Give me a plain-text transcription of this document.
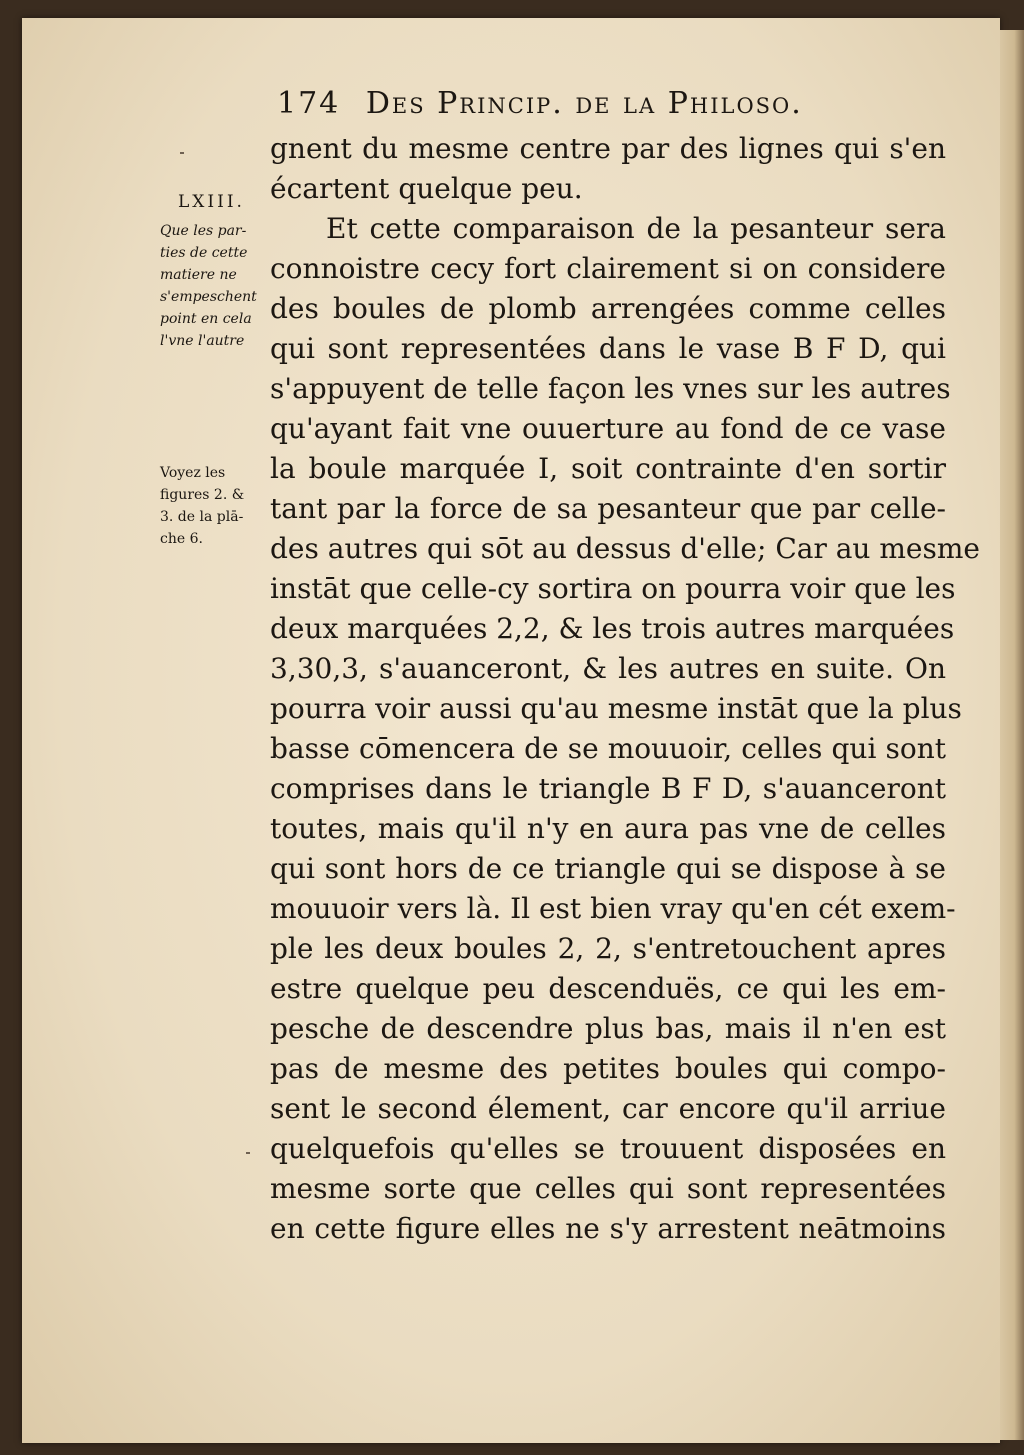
174 Des Princip. de la Philoso.
LXIII.
Que les par-
ties de cette
matiere ne
s'empeschent
point en cela
l'vne l'autre
Voyez les
figures 2. &
3. de la plā-
che 6.
gnent du mesme centre par des lignes qui s'en
écartent quelque peu.
Et cette comparaison de la pesanteur sera
connoistre cecy fort clairement si on considere
des boules de plomb arrengées comme celles
qui sont representées dans le vase B F D, qui
s'appuyent de telle façon les vnes sur les autres
qu'ayant fait vne ouuerture au fond de ce vase
la boule marquée I, soit contrainte d'en sortir
tant par la force de sa pesanteur que par celle-
des autres qui sōt au dessus d'elle; Car au mesme
instāt que celle-cy sortira on pourra voir que les
deux marquées 2,2, & les trois autres marquées
3,30,3, s'auanceront, & les autres en suite. On
pourra voir aussi qu'au mesme instāt que la plus
basse cōmencera de se mouuoir, celles qui sont
comprises dans le triangle B F D, s'auanceront
toutes, mais qu'il n'y en aura pas vne de celles
qui sont hors de ce triangle qui se dispose à se
mouuoir vers là. Il est bien vray qu'en cét exem-
ple les deux boules 2, 2, s'entretouchent apres
estre quelque peu descenduës, ce qui les em-
pesche de descendre plus bas, mais il n'en est
pas de mesme des petites boules qui compo-
sent le second élement, car encore qu'il arriue
quelquefois qu'elles se trouuent disposées en
mesme sorte que celles qui sont representées
en cette figure elles ne s'y arrestent neātmoins
